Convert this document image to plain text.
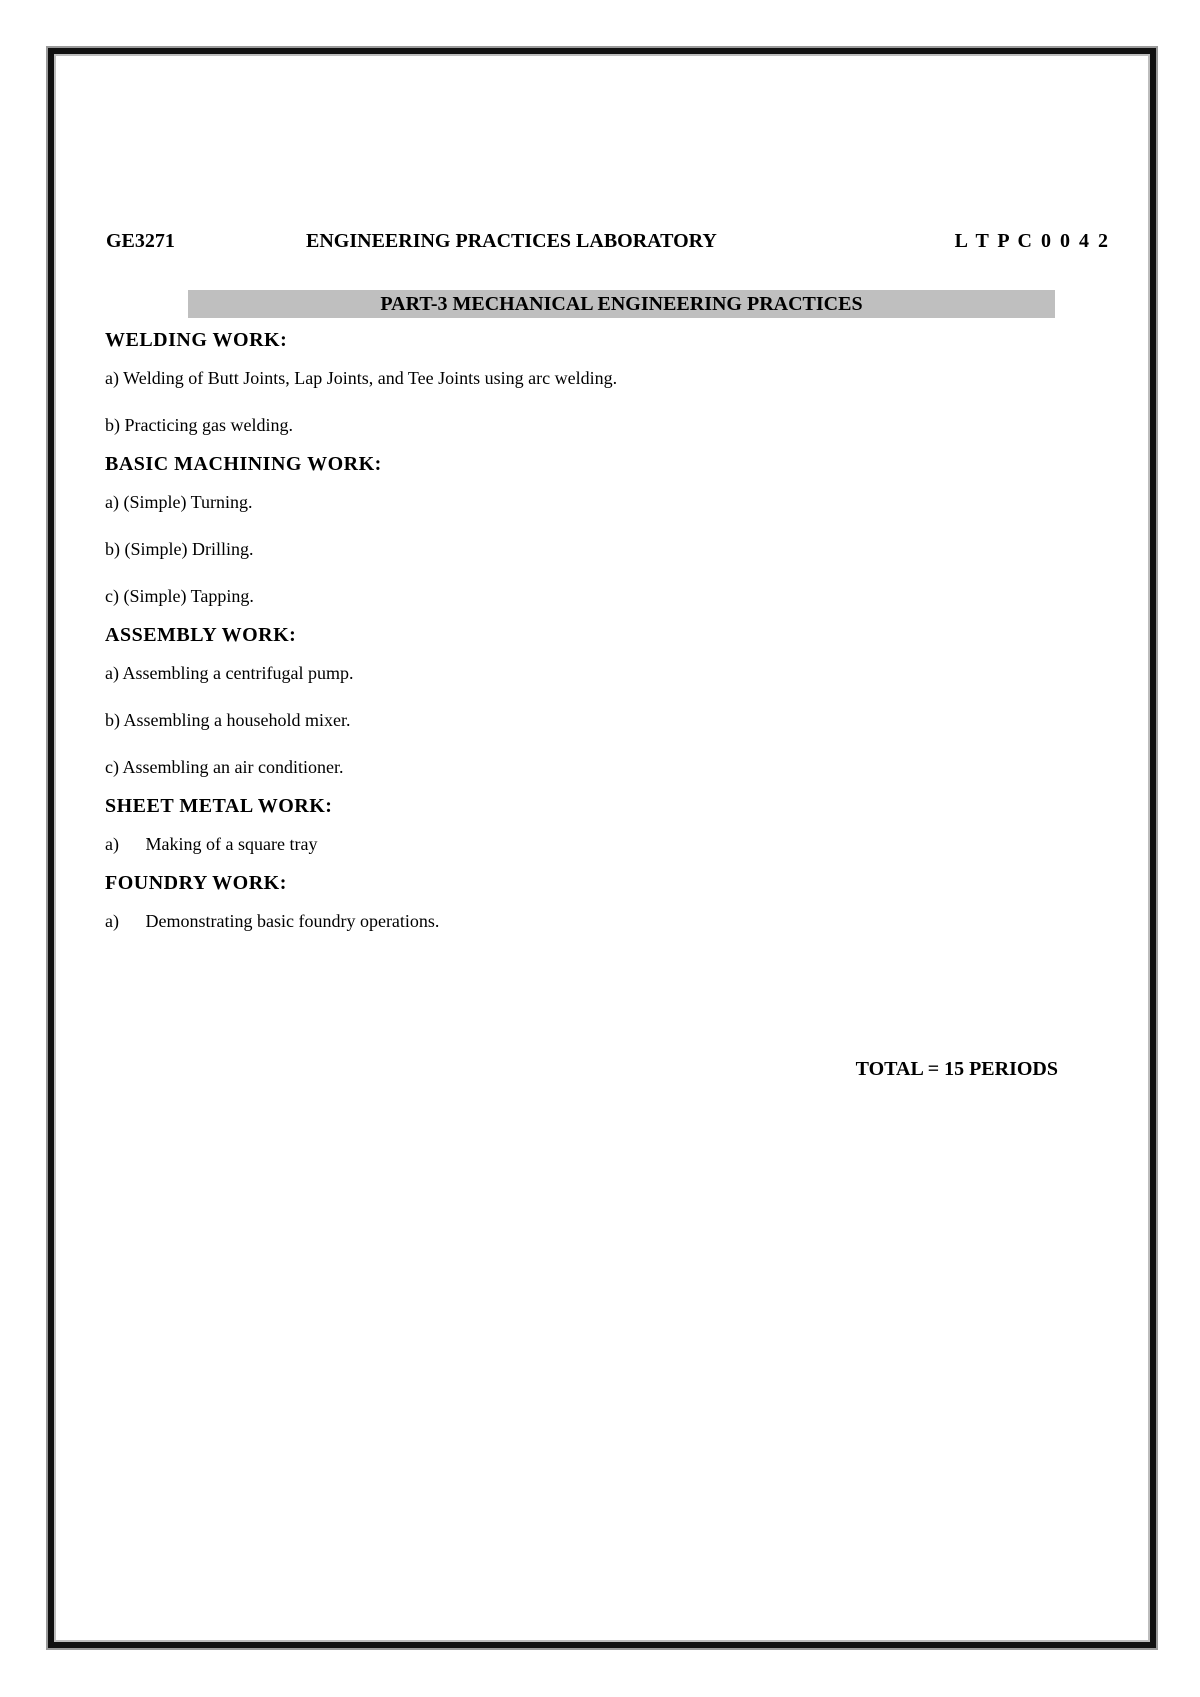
GE3271	ENGINEERING PRACTICES LABORATORY	L T P C 0 0 4 2
PART-3 MECHANICAL ENGINEERING PRACTICES
WELDING WORK:
a) Welding of Butt Joints, Lap Joints, and Tee Joints using arc welding.
b) Practicing gas welding.
BASIC MACHINING WORK:
a) (Simple) Turning.
b) (Simple) Drilling.
c) (Simple) Tapping.
ASSEMBLY WORK:
a) Assembling a centrifugal pump.
b) Assembling a household mixer.
c) Assembling an air conditioner.
SHEET METAL WORK:
a) Making of a square tray
FOUNDRY WORK:
a) Demonstrating basic foundry operations.
TOTAL = 15 PERIODS
